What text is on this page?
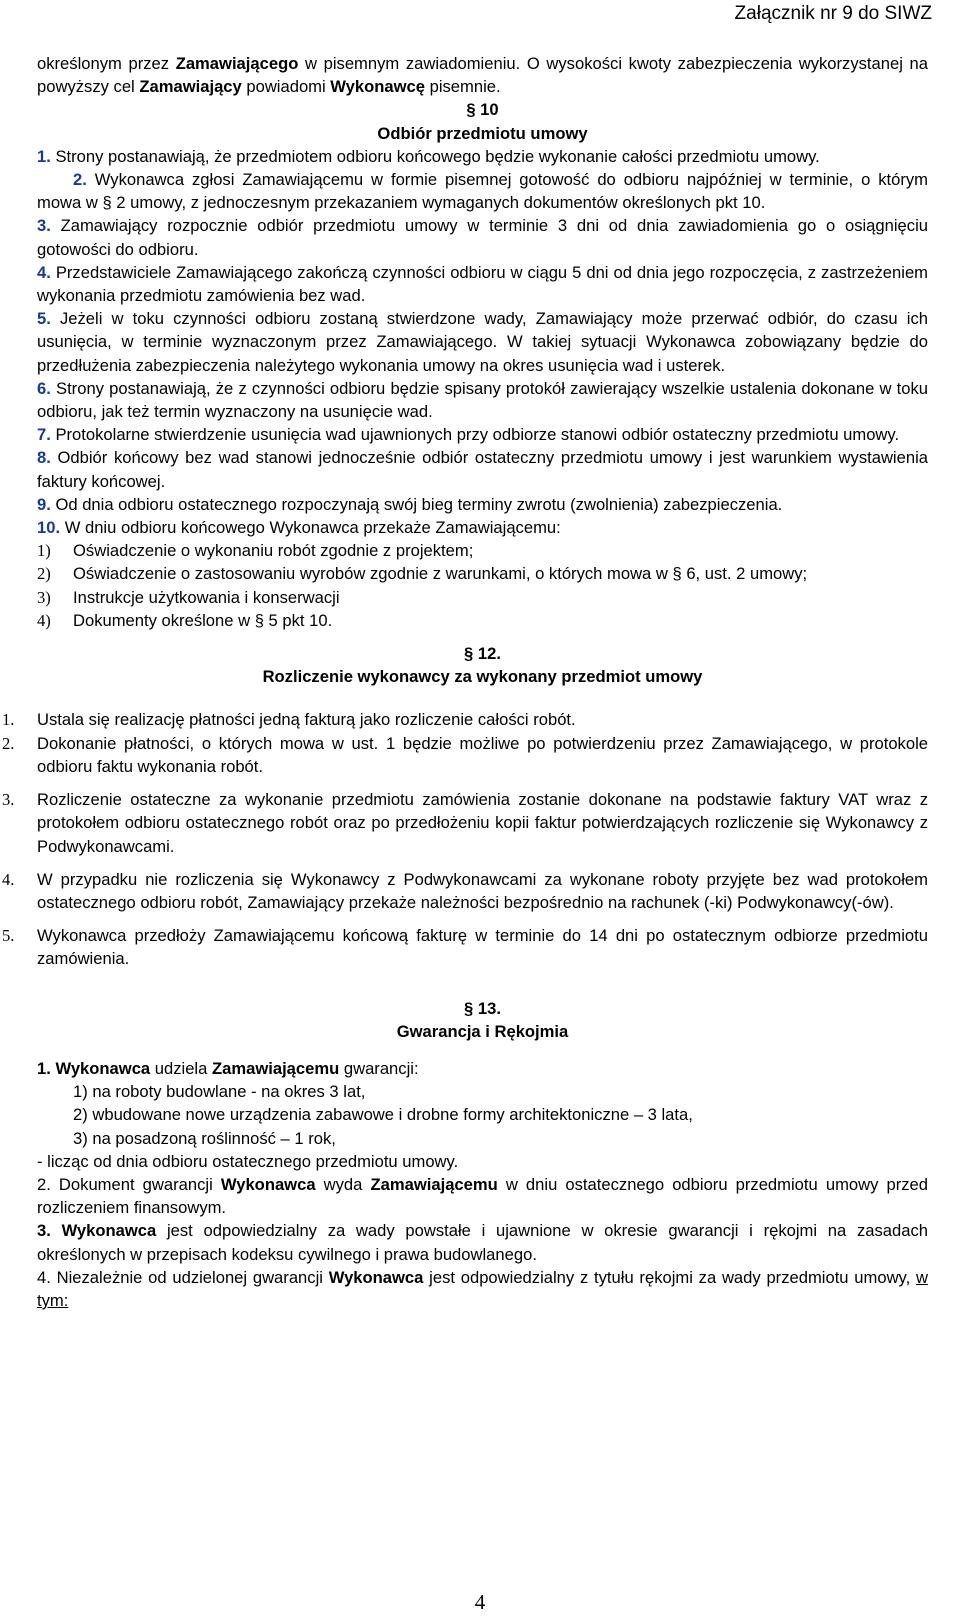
Załącznik nr 9 do SIWZ

określonym przez Zamawiającego w pisemnym zawiadomieniu. O wysokości kwoty zabezpieczenia wykorzystanej na powyższy cel Zamawiający powiadomi Wykonawcę pisemnie.

§ 10

Odbiór przedmiotu umowy

1. Strony postanawiają, że przedmiotem odbioru końcowego będzie wykonanie całości przedmiotu umowy.

2. Wykonawca zgłosi Zamawiającemu w formie pisemnej gotowość do odbioru najpóźniej w terminie, o którym mowa w § 2 umowy, z jednoczesnym przekazaniem wymaganych dokumentów określonych pkt 10.

3. Zamawiający rozpocznie odbiór przedmiotu umowy w terminie 3 dni od dnia zawiadomienia go o osiągnięciu gotowości do odbioru.

4. Przedstawiciele Zamawiającego zakończą czynności odbioru w ciągu 5 dni od dnia jego rozpoczęcia, z zastrzeżeniem wykonania przedmiotu zamówienia bez wad.

5. Jeżeli w toku czynności odbioru zostaną stwierdzone wady, Zamawiający może przerwać odbiór, do czasu ich usunięcia, w terminie wyznaczonym przez Zamawiającego. W takiej sytuacji Wykonawca zobowiązany będzie do przedłużenia zabezpieczenia należytego wykonania umowy na okres usunięcia wad i usterek.

6. Strony postanawiają, że z czynności odbioru będzie spisany protokół zawierający wszelkie ustalenia dokonane w toku odbioru, jak też termin wyznaczony na usunięcie wad.

7. Protokolarne stwierdzenie usunięcia wad ujawnionych przy odbiorze stanowi odbiór ostateczny przedmiotu umowy.

8. Odbiór końcowy bez wad stanowi jednocześnie odbiór ostateczny przedmiotu umowy i jest warunkiem wystawienia faktury końcowej.

9. Od dnia odbioru ostatecznego rozpoczynają swój bieg terminy zwrotu (zwolnienia) zabezpieczenia.

10. W dniu odbioru końcowego Wykonawca przekaże Zamawiającemu:

1) Oświadczenie o wykonaniu robót zgodnie z projektem;
2) Oświadczenie o zastosowaniu wyrobów zgodnie z warunkami, o których mowa w § 6, ust. 2 umowy;
3) Instrukcje użytkowania i konserwacji
4) Dokumenty określone w § 5 pkt 10.

§ 12.

Rozliczenie wykonawcy za wykonany przedmiot umowy

1. Ustala się realizację płatności jedną fakturą jako rozliczenie całości robót.
2. Dokonanie płatności, o których mowa w ust. 1 będzie możliwe po potwierdzeniu przez Zamawiającego, w protokole odbioru faktu wykonania robót.
3. Rozliczenie ostateczne za wykonanie przedmiotu zamówienia zostanie dokonane na podstawie faktury VAT wraz z protokołem odbioru ostatecznego robót oraz po przedłożeniu kopii faktur potwierdzających rozliczenie się Wykonawcy z Podwykonawcami.
4. W przypadku nie rozliczenia się Wykonawcy z Podwykonawcami za wykonane roboty przyjęte bez wad protokołem ostatecznego odbioru robót, Zamawiający przekaże należności bezpośrednio na rachunek (-ki) Podwykonawcy(-ów).
5. Wykonawca przedłoży Zamawiającemu końcową fakturę w terminie do 14 dni po ostatecznym odbiorze przedmiotu zamówienia.

§ 13.

Gwarancja i Rękojmia

1. Wykonawca udziela Zamawiającemu gwarancji:

1) na roboty budowlane - na okres 3 lat,

2) wbudowane nowe urządzenia zabawowe i drobne formy architektoniczne – 3 lata,

3) na posadzoną roślinność – 1 rok,

- licząc od dnia odbioru ostatecznego przedmiotu umowy.

2. Dokument gwarancji Wykonawca wyda Zamawiającemu w dniu ostatecznego odbioru przedmiotu umowy przed rozliczeniem finansowym.

3. Wykonawca jest odpowiedzialny za wady powstałe i ujawnione w okresie gwarancji i rękojmi na zasadach określonych w przepisach kodeksu cywilnego i prawa budowlanego.

4. Niezależnie od udzielonej gwarancji Wykonawca jest odpowiedzialny z tytułu rękojmi za wady przedmiotu umowy, w tym:

4
